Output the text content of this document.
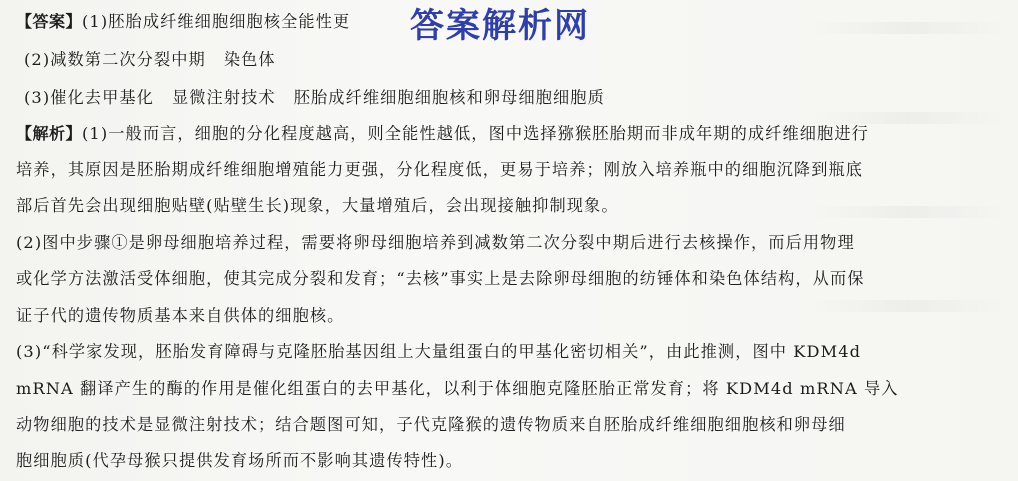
【答案】(1)胚胎成纤维细胞细胞核全能性更
(2)减数第二次分裂中期 染色体
(3)催化去甲基化 显微注射技术 胚胎成纤维细胞细胞核和卵母细胞细胞质
【解析】(1)一般而言，细胞的分化程度越高，则全能性越低，图中选择猕猴胚胎期而非成年期的成纤维细胞进行
培养，其原因是胚胎期成纤维细胞增殖能力更强，分化程度低，更易于培养；刚放入培养瓶中的细胞沉降到瓶底
部后首先会出现细胞贴壁(贴壁生长)现象，大量增殖后，会出现接触抑制现象。
(2)图中步骤①是卵母细胞培养过程，需要将卵母细胞培养到减数第二次分裂中期后进行去核操作，而后用物理
或化学方法激活受体细胞，使其完成分裂和发育；“去核”事实上是去除卵母细胞的纺锤体和染色体结构，从而保
证子代的遗传物质基本来自供体的细胞核。
(3)“科学家发现，胚胎发育障碍与克隆胚胎基因组上大量组蛋白的甲基化密切相关”，由此推测，图中 KDM4d
mRNA 翻译产生的酶的作用是催化组蛋白的去甲基化，以利于体细胞克隆胚胎正常发育；将 KDM4d mRNA 导入
动物细胞的技术是显微注射技术；结合题图可知，子代克隆猴的遗传物质来自胚胎成纤维细胞细胞核和卵母细
胞细胞质(代孕母猴只提供发育场所而不影响其遗传特性)。
答案解析网
